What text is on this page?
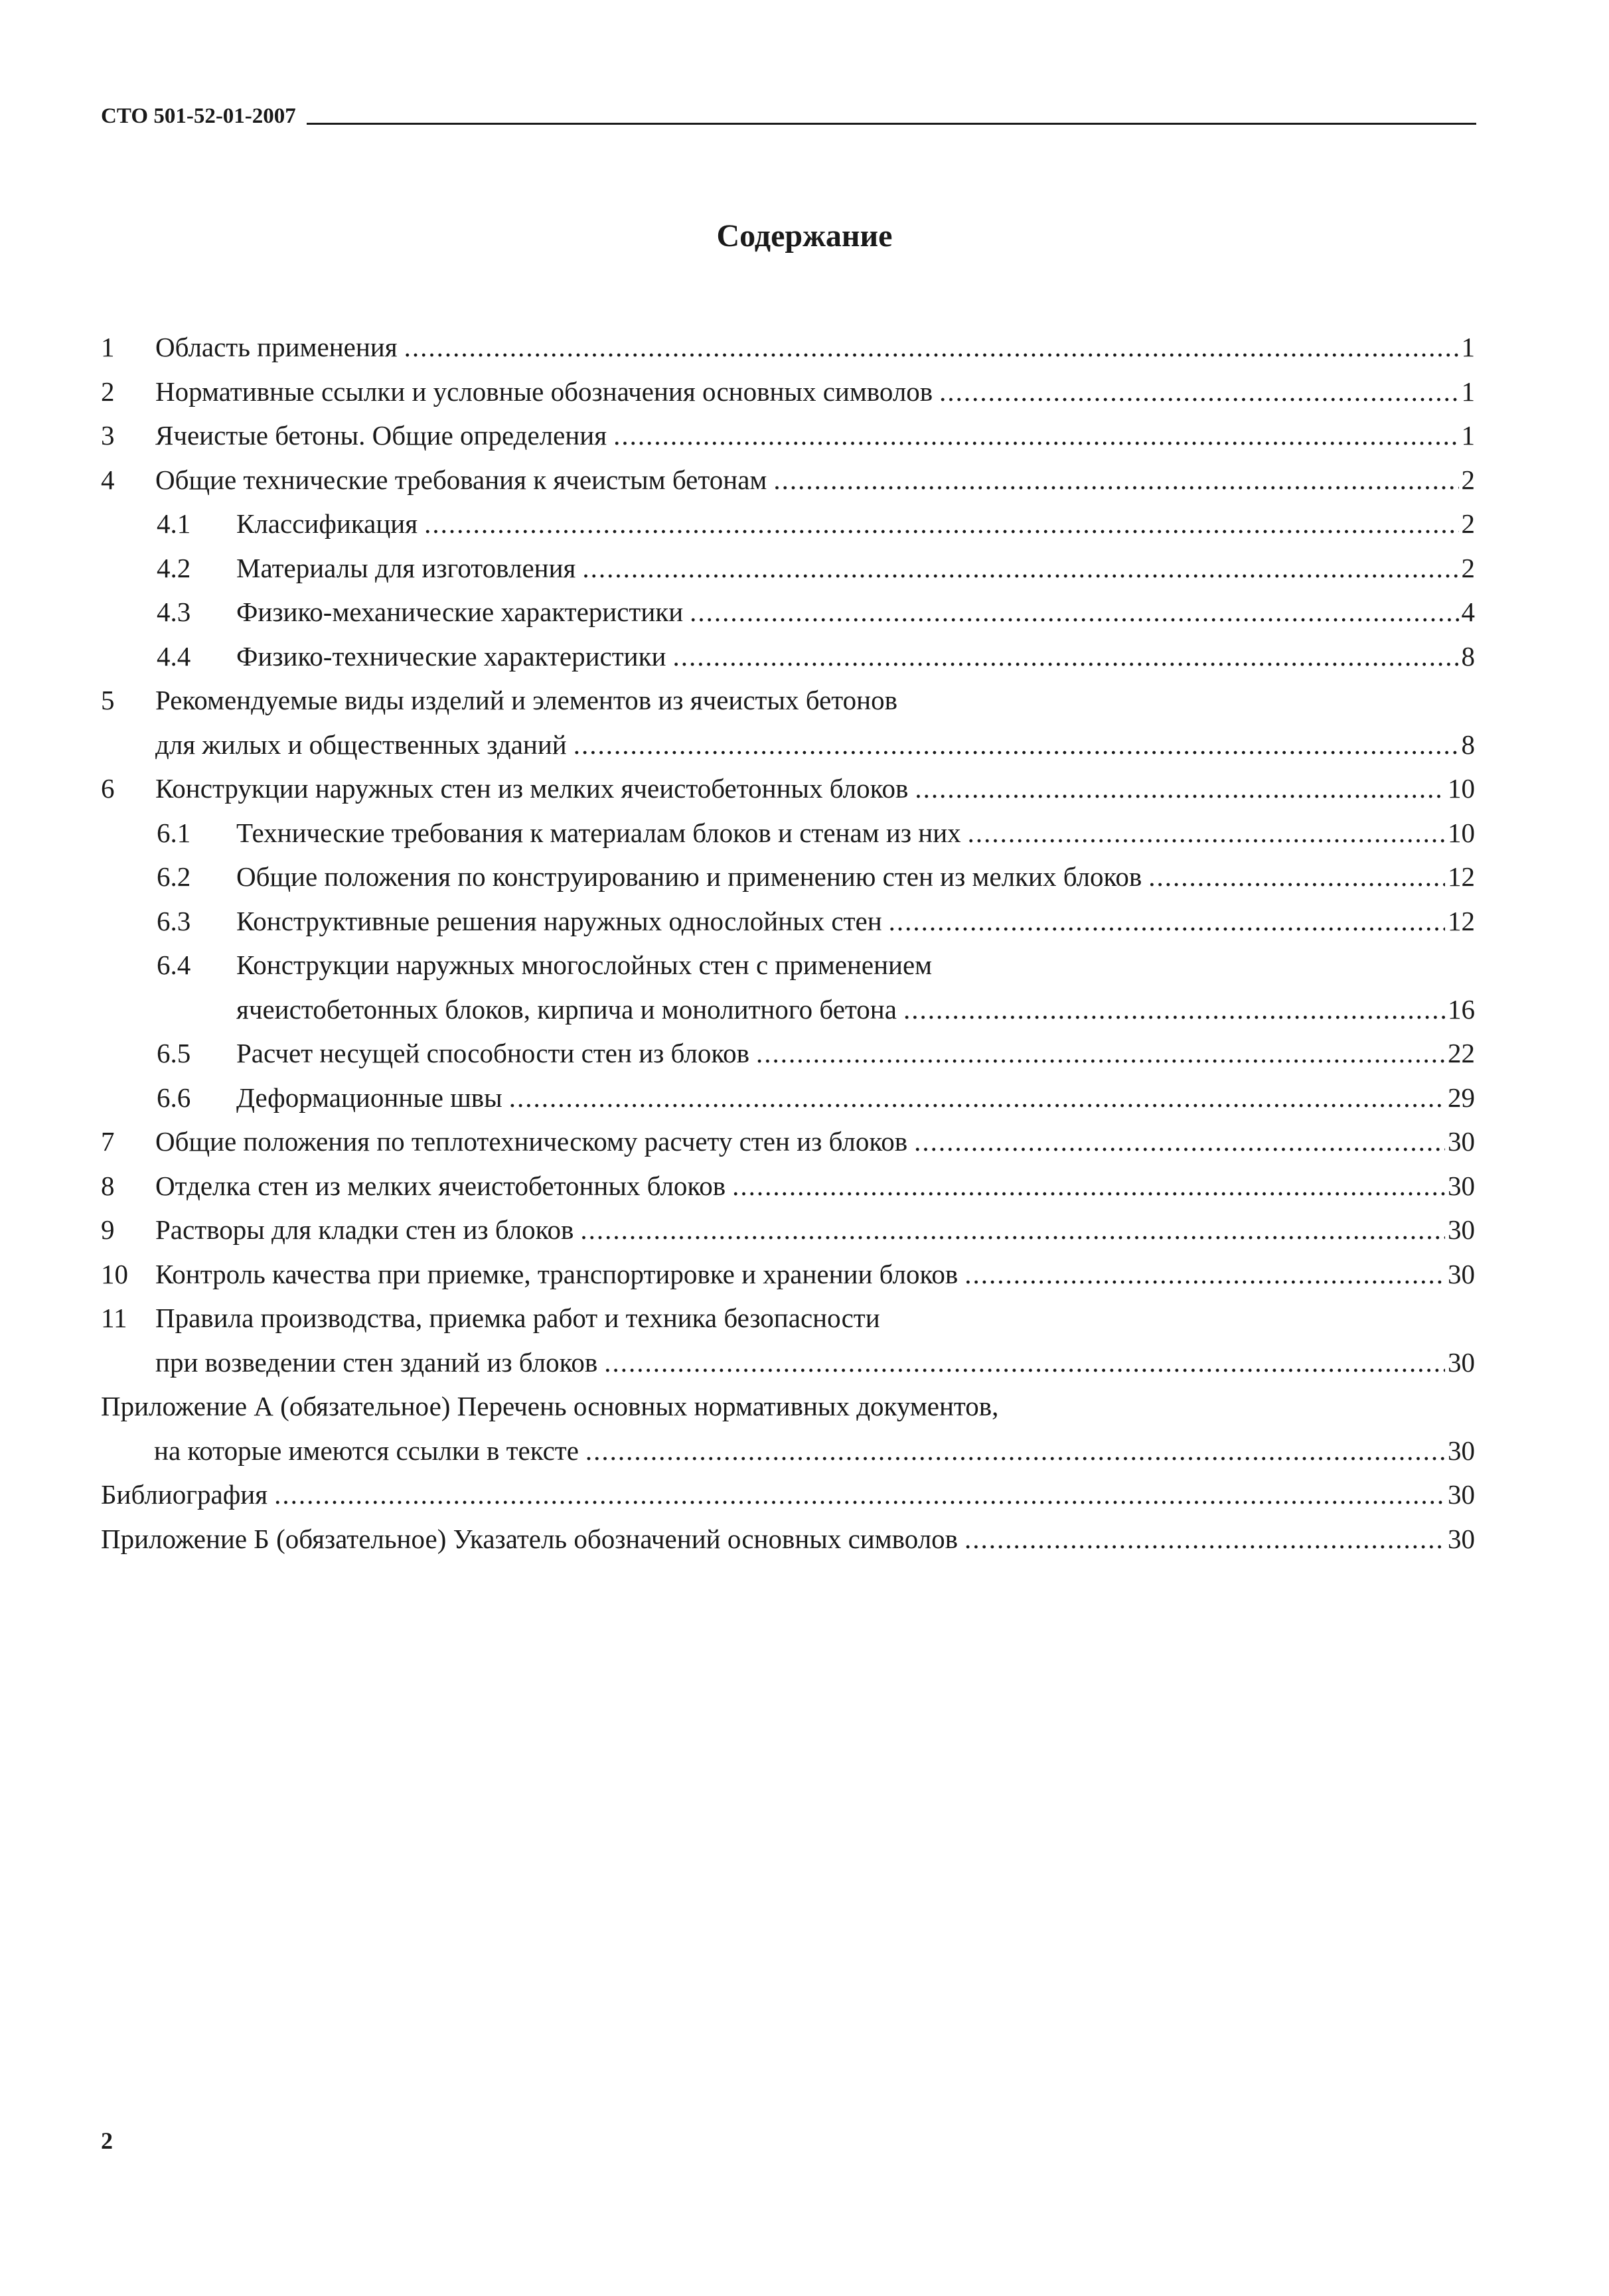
СТО 501-52-01-2007
Содержание
1 Область применения .....	1
2 Нормативные ссылки и условные обозначения основных символов .....	1
3 Ячеистые бетоны. Общие определения .....	1
4 Общие технические требования к ячеистым бетонам .....	2
4.1 Классификация .....	2
4.2 Материалы для изготовления .....	2
4.3 Физико-механические характеристики .....	4
4.4 Физико-технические характеристики .....	8
5 Рекомендуемые виды изделий и элементов из ячеистых бетонов
для жилых и общественных зданий .....	8
6 Конструкции наружных стен из мелких ячеистобетонных блоков .....	10
6.1 Технические требования к материалам блоков и стенам из них .....	10
6.2 Общие положения по конструированию и применению стен из мелких блоков .....	12
6.3 Конструктивные решения наружных однослойных стен .....	12
6.4 Конструкции наружных многослойных стен с применением
ячеистобетонных блоков, кирпича и монолитного бетона .....	16
6.5 Расчет несущей способности стен из блоков .....	22
6.6 Деформационные швы .....	29
7 Общие положения по теплотехническому расчету стен из блоков .....	30
8 Отделка стен из мелких ячеистобетонных блоков .....	30
9 Растворы для кладки стен из блоков .....	30
10 Контроль качества при приемке, транспортировке и хранении блоков .....	30
11 Правила производства, приемка работ и техника безопасности
при возведении стен зданий из блоков .....	30
Приложение А (обязательное) Перечень основных нормативных документов,
на которые имеются ссылки в тексте .....	30
Библиография .....	30
Приложение Б (обязательное) Указатель обозначений основных символов .....	30
2
